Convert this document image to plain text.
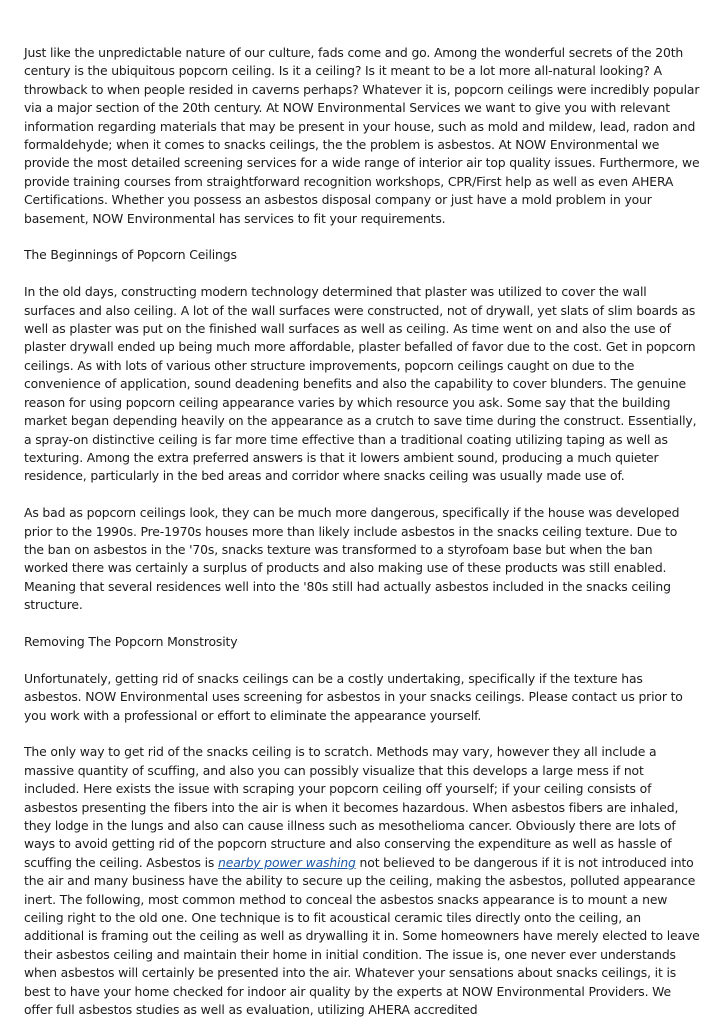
Just like the unpredictable nature of our culture, fads come and go. Among the wonderful secrets of the 20th century is the ubiquitous popcorn ceiling. Is it a ceiling? Is it meant to be a lot more all-natural looking? A throwback to when people resided in caverns perhaps? Whatever it is, popcorn ceilings were incredibly popular via a major section of the 20th century. At NOW Environmental Services we want to give you with relevant information regarding materials that may be present in your house, such as mold and mildew, lead, radon and formaldehyde; when it comes to snacks ceilings, the the problem is asbestos. At NOW Environmental we provide the most detailed screening services for a wide range of interior air top quality issues. Furthermore, we provide training courses from straightforward recognition workshops, CPR/First help as well as even AHERA Certifications. Whether you possess an asbestos disposal company or just have a mold problem in your basement, NOW Environmental has services to fit your requirements.

The Beginnings of Popcorn Ceilings

In the old days, constructing modern technology determined that plaster was utilized to cover the wall surfaces and also ceiling. A lot of the wall surfaces were constructed, not of drywall, yet slats of slim boards as well as plaster was put on the finished wall surfaces as well as ceiling. As time went on and also the use of plaster drywall ended up being much more affordable, plaster befalled of favor due to the cost. Get in popcorn ceilings. As with lots of various other structure improvements, popcorn ceilings caught on due to the convenience of application, sound deadening benefits and also the capability to cover blunders. The genuine reason for using popcorn ceiling appearance varies by which resource you ask. Some say that the building market began depending heavily on the appearance as a crutch to save time during the construct. Essentially, a spray-on distinctive ceiling is far more time effective than a traditional coating utilizing taping as well as texturing. Among the extra preferred answers is that it lowers ambient sound, producing a much quieter residence, particularly in the bed areas and corridor where snacks ceiling was usually made use of.

As bad as popcorn ceilings look, they can be much more dangerous, specifically if the house was developed prior to the 1990s. Pre-1970s houses more than likely include asbestos in the snacks ceiling texture. Due to the ban on asbestos in the '70s, snacks texture was transformed to a styrofoam base but when the ban worked there was certainly a surplus of products and also making use of these products was still enabled. Meaning that several residences well into the '80s still had actually asbestos included in the snacks ceiling structure.

Removing The Popcorn Monstrosity

Unfortunately, getting rid of snacks ceilings can be a costly undertaking, specifically if the texture has asbestos. NOW Environmental uses screening for asbestos in your snacks ceilings. Please contact us prior to you work with a professional or effort to eliminate the appearance yourself.

The only way to get rid of the snacks ceiling is to scratch. Methods may vary, however they all include a massive quantity of scuffing, and also you can possibly visualize that this develops a large mess if not included. Here exists the issue with scraping your popcorn ceiling off yourself; if your ceiling consists of asbestos presenting the fibers into the air is when it becomes hazardous. When asbestos fibers are inhaled, they lodge in the lungs and also can cause illness such as mesothelioma cancer. Obviously there are lots of ways to avoid getting rid of the popcorn structure and also conserving the expenditure as well as hassle of scuffing the ceiling. Asbestos is nearby power washing not believed to be dangerous if it is not introduced into the air and many business have the ability to secure up the ceiling, making the asbestos, polluted appearance inert. The following, most common method to conceal the asbestos snacks appearance is to mount a new ceiling right to the old one. One technique is to fit acoustical ceramic tiles directly onto the ceiling, an additional is framing out the ceiling as well as drywalling it in. Some homeowners have merely elected to leave their asbestos ceiling and maintain their home in initial condition. The issue is, one never ever understands when asbestos will certainly be presented into the air. Whatever your sensations about snacks ceilings, it is best to have your home checked for indoor air quality by the experts at NOW Environmental Providers. We offer full asbestos studies as well as evaluation, utilizing AHERA accredited
